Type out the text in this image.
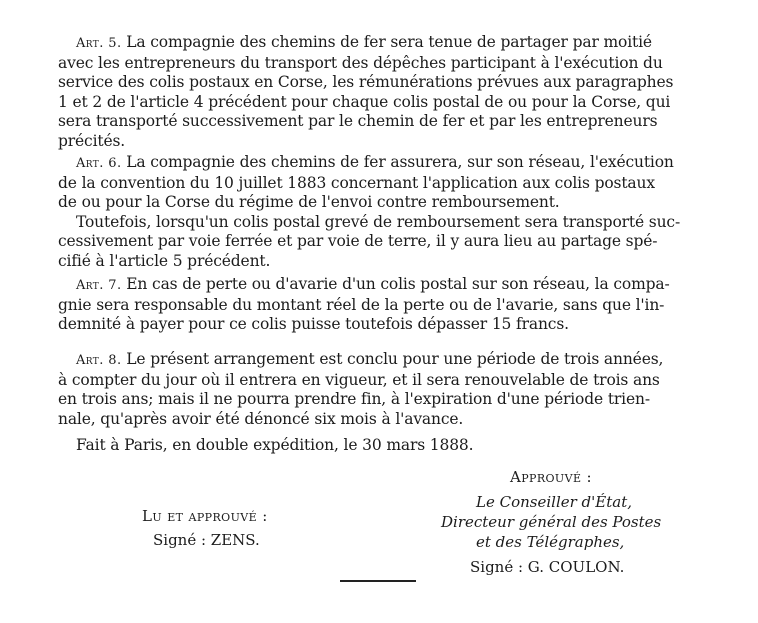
Art. 5. La compagnie des chemins de fer sera tenue de partager par moitié
avec les entrepreneurs du transport des dépêches participant à l'exécution du
service des colis postaux en Corse, les rémunérations prévues aux paragraphes
1 et 2 de l'article 4 précédent pour chaque colis postal de ou pour la Corse, qui
sera transporté successivement par le chemin de fer et par les entrepreneurs
précités.
Art. 6. La compagnie des chemins de fer assurera, sur son réseau, l'exécution
de la convention du 10 juillet 1883 concernant l'application aux colis postaux
de ou pour la Corse du régime de l'envoi contre remboursement.
Toutefois, lorsqu'un colis postal grevé de remboursement sera transporté suc-
cessivement par voie ferrée et par voie de terre, il y aura lieu au partage spé-
cifié à l'article 5 précédent.
Art. 7. En cas de perte ou d'avarie d'un colis postal sur son réseau, la compa-
gnie sera responsable du montant réel de la perte ou de l'avarie, sans que l'in-
demnité à payer pour ce colis puisse toutefois dépasser 15 francs.
Art. 8. Le présent arrangement est conclu pour une période de trois années,
à compter du jour où il entrera en vigueur, et il sera renouvelable de trois ans
en trois ans; mais il ne pourra prendre fin, à l'expiration d'une période trien-
nale, qu'après avoir été dénoncé six mois à l'avance.
Fait à Paris, en double expédition, le 30 mars 1888.
Approuvé :
Le Conseiller d'État,
Directeur général des Postes
et des Télégraphes,
Signé : G. COULON.
Lu et approuvé :
Signé : ZENS.
